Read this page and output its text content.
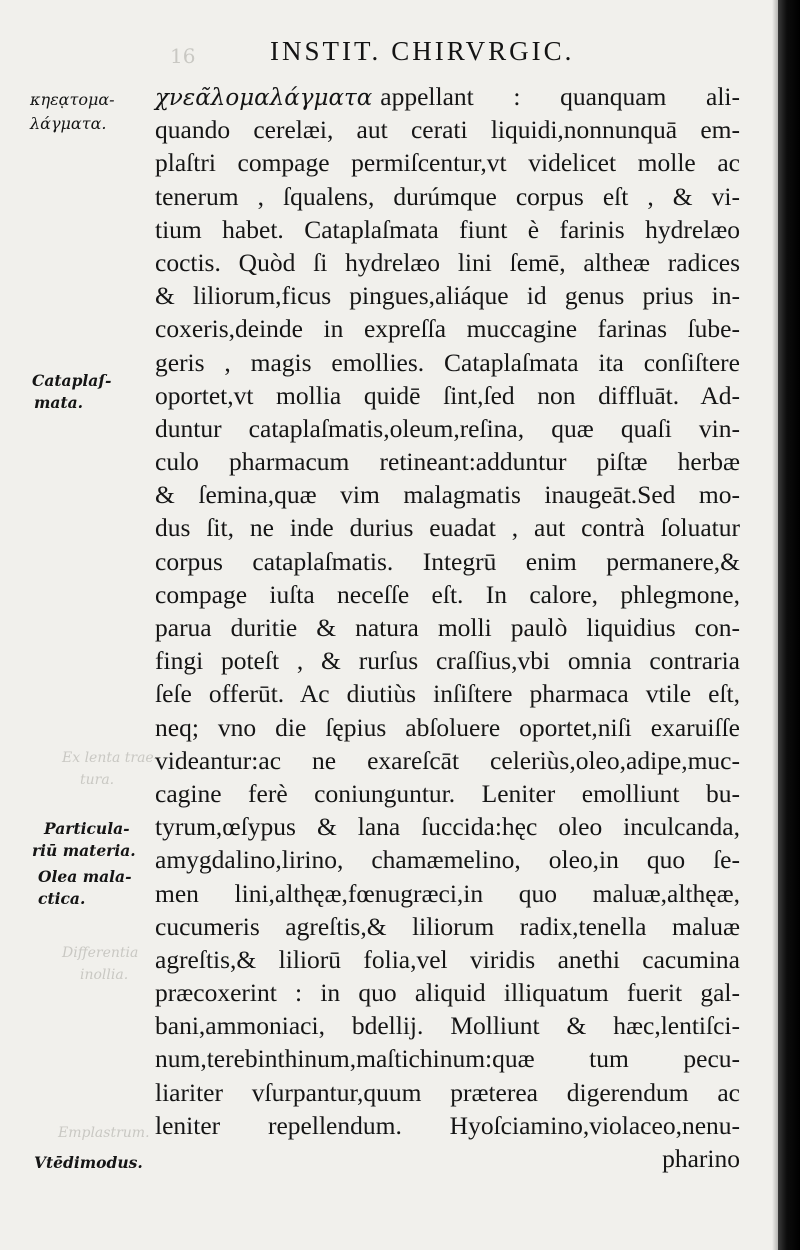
16
Ex lenta trae-
tura.
Differentia
inollia.
Emplastrum.
INSTIT. CHIRVRGIC.
κηεᾳτομα-
λάγματα.
Cataplaſ-
mata.
Particula-
riū materia.
Olea mala-
ctica.
Vtēdimodus.
χνεα̃λομαλάγματα appellant : quanquam ali-
quando cerelæi, aut cerati liquidi,nonnunquā em-
plaſtri compage permiſcentur,vt videlicet molle ac
tenerum , ſqualens, durúmque corpus eſt , & vi-
tium habet. Cataplaſmata fiunt è farinis hydrelæo
coctis. Quòd ſi hydrelæo lini ſemē, altheæ radices
& liliorum,ficus pingues,aliáque id genus prius in-
coxeris,deinde in expreſſa muccagine farinas ſube-
geris , magis emollies. Cataplaſmata ita conſiſtere
oportet,vt mollia quidē ſint,ſed non diffluāt. Ad-
duntur cataplaſmatis,oleum,reſina, quæ quaſi vin-
culo pharmacum retineant:adduntur piſtæ herbæ
& ſemina,quæ vim malagmatis inaugeāt.Sed mo-
dus ſit, ne inde durius euadat , aut contrà ſoluatur
corpus cataplaſmatis. Integrū enim permanere,&
compage iuſta neceſſe eſt. In calore, phlegmone,
parua duritie & natura molli paulò liquidius con-
fingi poteſt , & rurſus craſſius,vbi omnia contraria
ſeſe offerūt. Ac diutiùs inſiſtere pharmaca vtile eſt,
neq; vno die ſępius abſoluere oportet,niſi exaruiſſe
videantur:ac ne exareſcāt celeriùs,oleo,adipe,muc-
cagine ferè coniunguntur. Leniter emolliunt bu-
tyrum,œſypus & lana ſuccida:hęc oleo inculcanda,
amygdalino,lirino, chamæmelino, oleo,in quo ſe-
men lini,althęæ,fœnugræci,in quo maluæ,althęæ,
cucumeris agreſtis,& liliorum radix,tenella maluæ
agreſtis,& liliorū folia,vel viridis anethi cacumina
præcoxerint : in quo aliquid illiquatum fuerit gal-
bani,ammoniaci, bdellij. Molliunt & hæc,lentiſci-
num,terebinthinum,maſtichinum:quæ tum pecu-
liariter vſurpantur,quum præterea digerendum ac
leniter repellendum. Hyoſciamino,violaceo,nenu-
pharino
